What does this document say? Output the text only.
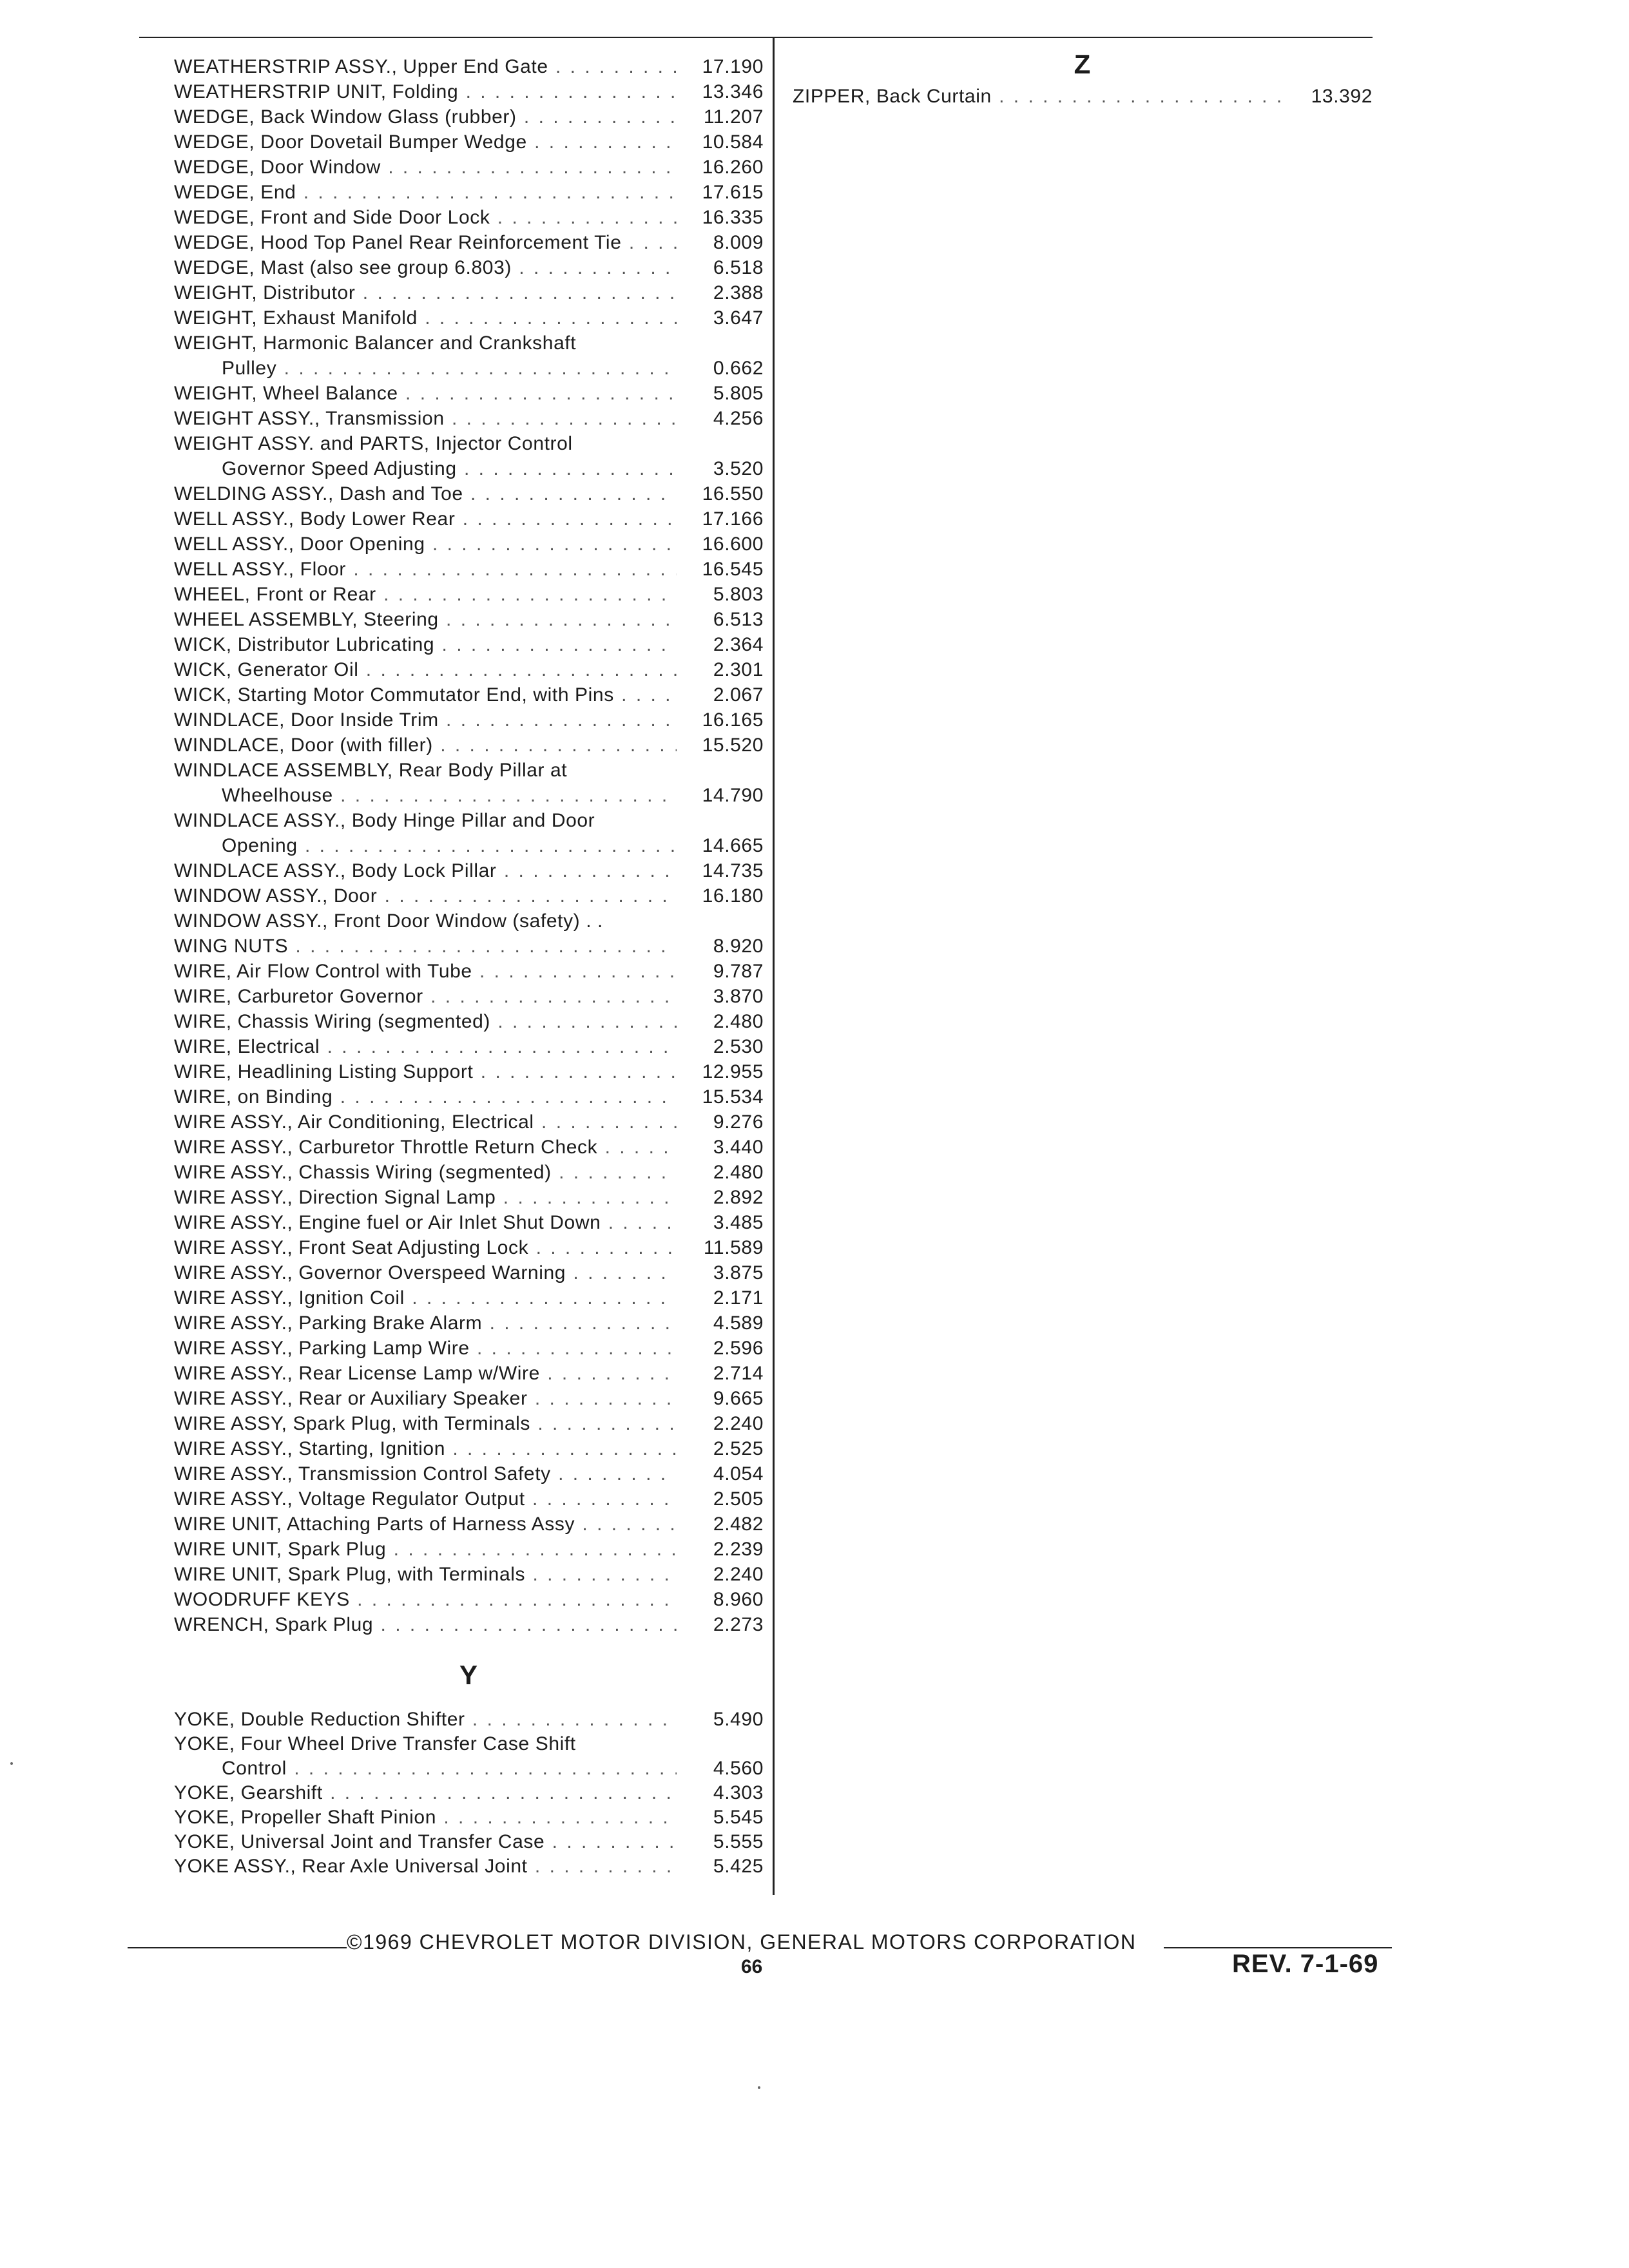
WEATHERSTRIP ASSY., Upper End Gate . . .	17.190
WEATHERSTRIP UNIT, Folding . . .	13.346
WEDGE, Back Window Glass (rubber) . . .	11.207
WEDGE, Door Dovetail Bumper Wedge . . .	10.584
WEDGE, Door Window . . .	16.260
WEDGE, End . . .	17.615
WEDGE, Front and Side Door Lock . . .	16.335
WEDGE, Hood Top Panel Rear Reinforcement Tie . . .	8.009
WEDGE, Mast (also see group 6.803) . . .	6.518
WEIGHT, Distributor . . .	2.388
WEIGHT, Exhaust Manifold . . .	3.647
WEIGHT, Harmonic Balancer and Crankshaft
Pulley . . .	0.662
WEIGHT, Wheel Balance . . .	5.805
WEIGHT ASSY., Transmission . . .	4.256
WEIGHT ASSY. and PARTS, Injector Control
Governor Speed Adjusting . . .	3.520
WELDING ASSY., Dash and Toe . . .	16.550
WELL ASSY., Body Lower Rear . . .	17.166
WELL ASSY., Door Opening . . .	16.600
WELL ASSY., Floor . . .	16.545
WHEEL, Front or Rear . . .	5.803
WHEEL ASSEMBLY, Steering . . .	6.513
WICK, Distributor Lubricating . . .	2.364
WICK, Generator Oil . . .	2.301
WICK, Starting Motor Commutator End, with Pins . . .	2.067
WINDLACE, Door Inside Trim . . .	16.165
WINDLACE, Door (with filler) . . .	15.520
WINDLACE ASSEMBLY, Rear Body Pillar at
Wheelhouse . . .	14.790
WINDLACE ASSY., Body Hinge Pillar and Door
Opening . . .	14.665
WINDLACE ASSY., Body Lock Pillar . . .	14.735
WINDOW ASSY., Door . . .	16.180
WINDOW ASSY., Front Door Window (safety) . .
WING NUTS . . .	8.920
WIRE, Air Flow Control with Tube . . .	9.787
WIRE, Carburetor Governor . . .	3.870
WIRE, Chassis Wiring (segmented) . . .	2.480
WIRE, Electrical . . .	2.530
WIRE, Headlining Listing Support . . .	12.955
WIRE, on Binding . . .	15.534
WIRE ASSY., Air Conditioning, Electrical . . .	9.276
WIRE ASSY., Carburetor Throttle Return Check . . .	3.440
WIRE ASSY., Chassis Wiring (segmented) . . .	2.480
WIRE ASSY., Direction Signal Lamp . . .	2.892
WIRE ASSY., Engine fuel or Air Inlet Shut Down . . .	3.485
WIRE ASSY., Front Seat Adjusting Lock . . .	11.589
WIRE ASSY., Governor Overspeed Warning . . .	3.875
WIRE ASSY., Ignition Coil . . .	2.171
WIRE ASSY., Parking Brake Alarm . . .	4.589
WIRE ASSY., Parking Lamp Wire . . .	2.596
WIRE ASSY., Rear License Lamp w/Wire . . .	2.714
WIRE ASSY., Rear or Auxiliary Speaker . . .	9.665
WIRE ASSY, Spark Plug, with Terminals . . .	2.240
WIRE ASSY., Starting, Ignition . . .	2.525
WIRE ASSY., Transmission Control Safety . . .	4.054
WIRE ASSY., Voltage Regulator Output . . .	2.505
WIRE UNIT, Attaching Parts of Harness Assy . . .	2.482
WIRE UNIT, Spark Plug . . .	2.239
WIRE UNIT, Spark Plug, with Terminals . . .	2.240
WOODRUFF KEYS . . .	8.960
WRENCH, Spark Plug . . .	2.273
Y
YOKE, Double Reduction Shifter . . .	5.490
YOKE, Four Wheel Drive Transfer Case Shift
Control . . .	4.560
YOKE, Gearshift . . .	4.303
YOKE, Propeller Shaft Pinion . . .	5.545
YOKE, Universal Joint and Transfer Case . . .	5.555
YOKE ASSY., Rear Axle Universal Joint . . .	5.425
Z
ZIPPER, Back Curtain . . .	13.392
©1969 CHEVROLET MOTOR DIVISION, GENERAL MOTORS CORPORATION
66	REV. 7-1-69
